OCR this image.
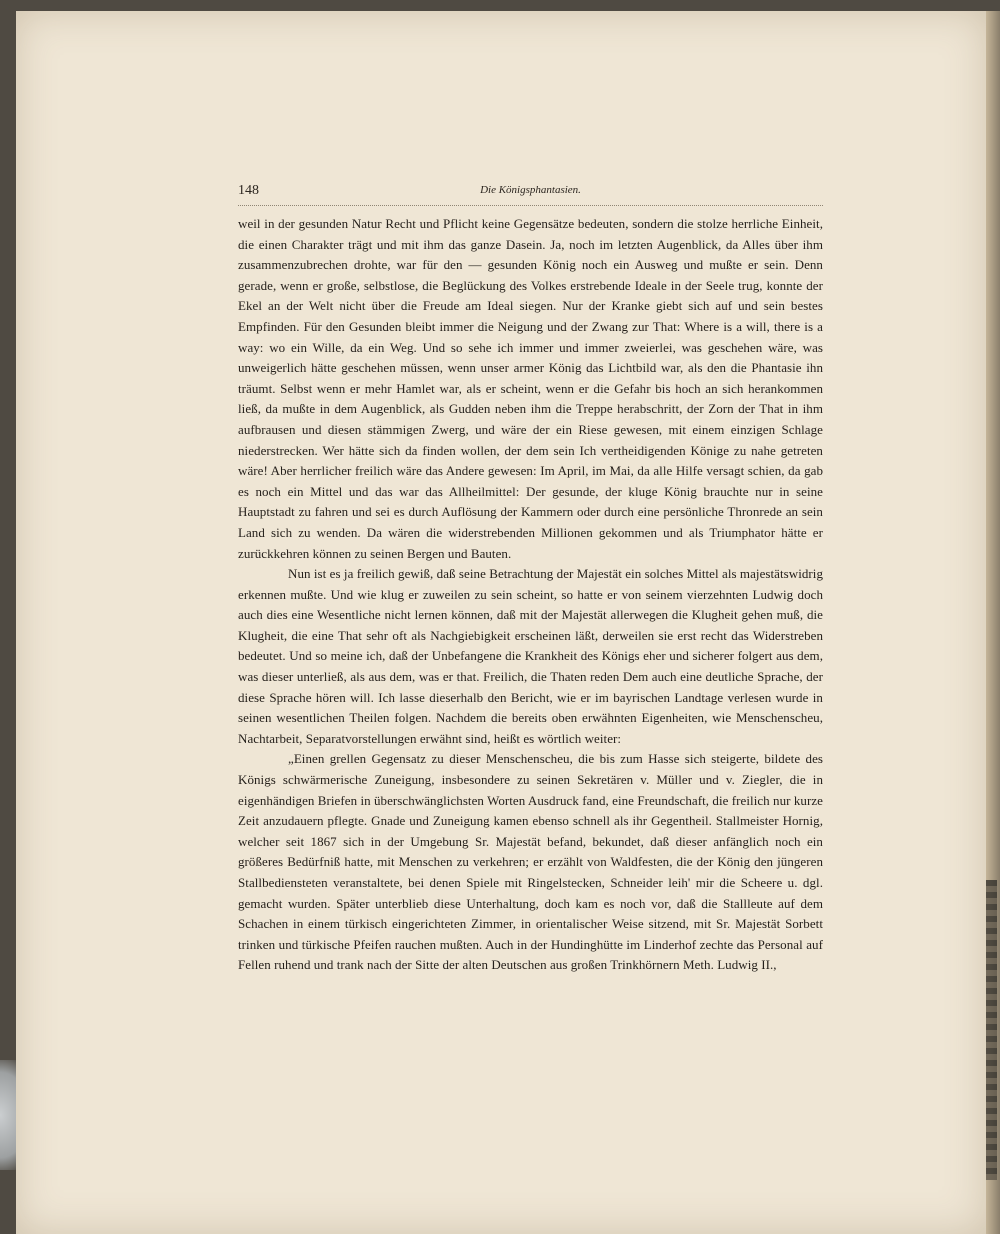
148	Die Königsphantasien.

weil in der gesunden Natur Recht und Pflicht keine Gegensätze bedeuten, sondern die stolze herrliche Einheit, die einen Charakter trägt und mit ihm das ganze Dasein. Ja, noch im letzten Augenblick, da Alles über ihm zusammenzubrechen drohte, war für den — gesunden König noch ein Ausweg und mußte er sein. Denn gerade, wenn er große, selbstlose, die Beglückung des Volkes erstrebende Ideale in der Seele trug, konnte der Ekel an der Welt nicht über die Freude am Ideal siegen. Nur der Kranke giebt sich auf und sein bestes Empfinden. Für den Gesunden bleibt immer die Neigung und der Zwang zur That: Where is a will, there is a way: wo ein Wille, da ein Weg. Und so sehe ich immer und immer zweierlei, was geschehen wäre, was unweigerlich hätte geschehen müssen, wenn unser armer König das Lichtbild war, als den die Phantasie ihn träumt. Selbst wenn er mehr Hamlet war, als er scheint, wenn er die Gefahr bis hoch an sich herankommen ließ, da mußte in dem Augenblick, als Gudden neben ihm die Treppe herabschritt, der Zorn der That in ihm aufbrausen und diesen stämmigen Zwerg, und wäre der ein Riese gewesen, mit einem einzigen Schlage niederstrecken. Wer hätte sich da finden wollen, der dem sein Ich vertheidigenden Könige zu nahe getreten wäre! Aber herrlicher freilich wäre das Andere gewesen: Im April, im Mai, da alle Hilfe versagt schien, da gab es noch ein Mittel und das war das Allheilmittel: Der gesunde, der kluge König brauchte nur in seine Hauptstadt zu fahren und sei es durch Auflösung der Kammern oder durch eine persönliche Thronrede an sein Land sich zu wenden. Da wären die widerstrebenden Millionen gekommen und als Triumphator hätte er zurückkehren können zu seinen Bergen und Bauten.

Nun ist es ja freilich gewiß, daß seine Betrachtung der Majestät ein solches Mittel als majestätswidrig erkennen mußte. Und wie klug er zuweilen zu sein scheint, so hatte er von seinem vierzehnten Ludwig doch auch dies eine Wesentliche nicht lernen können, daß mit der Majestät allerwegen die Klugheit gehen muß, die Klugheit, die eine That sehr oft als Nachgiebigkeit erscheinen läßt, derweilen sie erst recht das Widerstreben bedeutet. Und so meine ich, daß der Unbefangene die Krankheit des Königs eher und sicherer folgert aus dem, was dieser unterließ, als aus dem, was er that. Freilich, die Thaten reden Dem auch eine deutliche Sprache, der diese Sprache hören will. Ich lasse dieserhalb den Bericht, wie er im bayrischen Landtage verlesen wurde in seinen wesentlichen Theilen folgen. Nachdem die bereits oben erwähnten Eigenheiten, wie Menschenscheu, Nachtarbeit, Separatvorstellungen erwähnt sind, heißt es wörtlich weiter:

„Einen grellen Gegensatz zu dieser Menschenscheu, die bis zum Hasse sich steigerte, bildete des Königs schwärmerische Zuneigung, insbesondere zu seinen Sekretären v. Müller und v. Ziegler, die in eigenhändigen Briefen in überschwänglichsten Worten Ausdruck fand, eine Freundschaft, die freilich nur kurze Zeit anzudauern pflegte. Gnade und Zuneigung kamen ebenso schnell als ihr Gegentheil. Stallmeister Hornig, welcher seit 1867 sich in der Umgebung Sr. Majestät befand, bekundet, daß dieser anfänglich noch ein größeres Bedürfniß hatte, mit Menschen zu verkehren; er erzählt von Waldfesten, die der König den jüngeren Stallbediensteten veranstaltete, bei denen Spiele mit Ringelstecken, Schneider leih' mir die Scheere u. dgl. gemacht wurden. Später unterblieb diese Unterhaltung, doch kam es noch vor, daß die Stallleute auf dem Schachen in einem türkisch eingerichteten Zimmer, in orientalischer Weise sitzend, mit Sr. Majestät Sorbett trinken und türkische Pfeifen rauchen mußten. Auch in der Hundinghütte im Linderhof zechte das Personal auf Fellen ruhend und trank nach der Sitte der alten Deutschen aus großen Trinkhörnern Meth. Ludwig II.,
